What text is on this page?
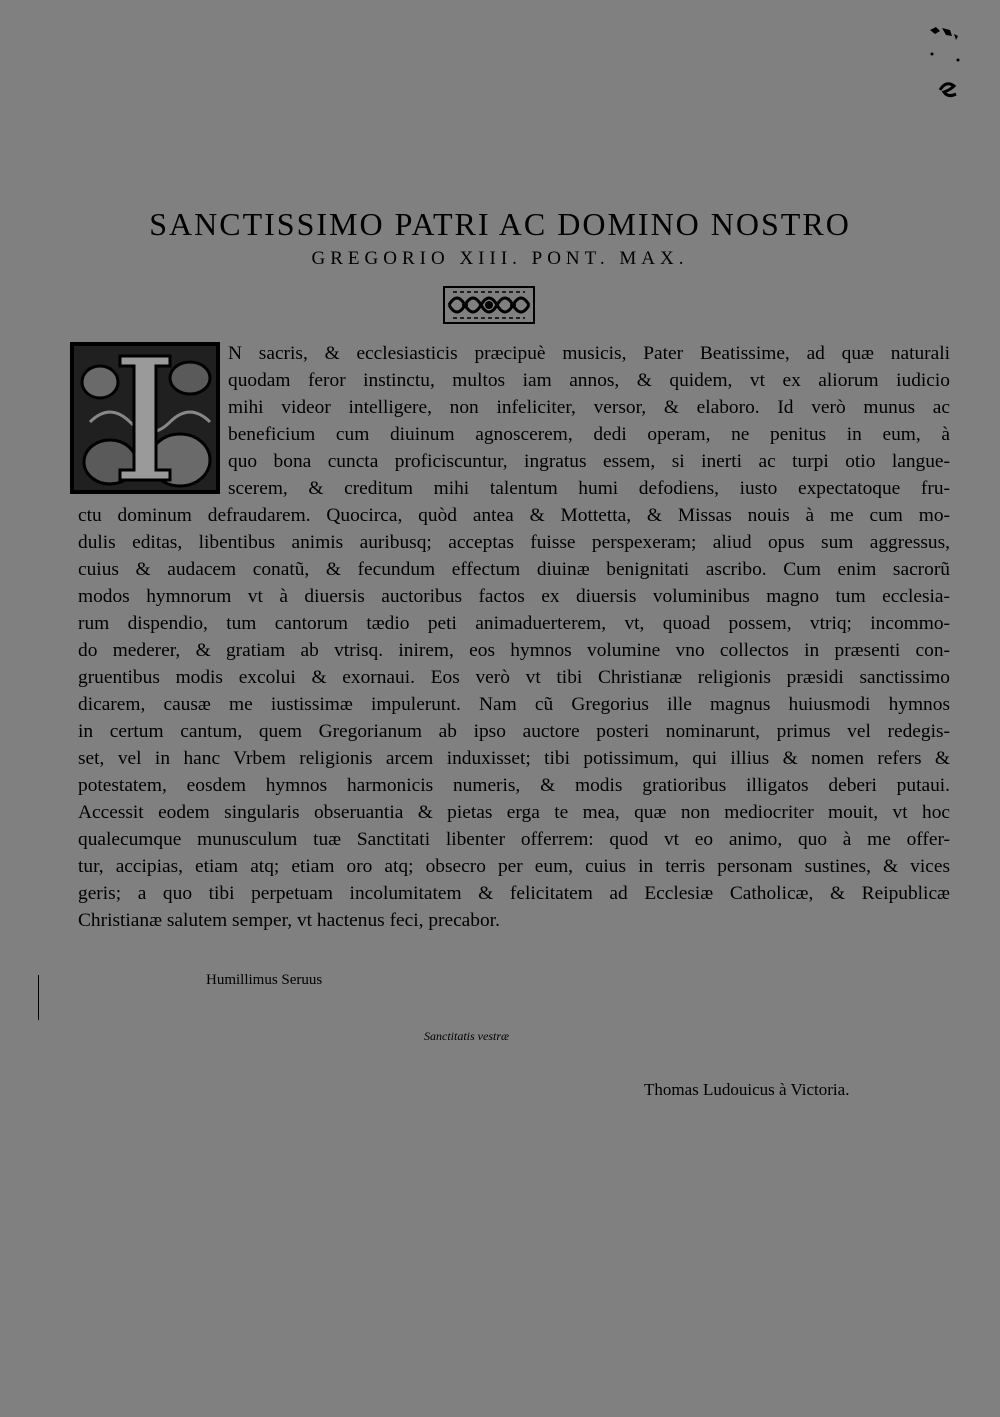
SANCTISSIMO PATRI AC DOMINO NOSTRO
GREGORIO XIII. PONT. MAX.
N sacris, & ecclesiasticis præcipuè musicis, Pater Beatissime, ad quæ naturali
quodam feror instinctu, multos iam annos, & quidem, vt ex aliorum iudicio
mihi videor intelligere, non infeliciter, versor, & elaboro. Id verò munus ac
beneficium cum diuinum agnoscerem, dedi operam, ne penitus in eum, à
quo bona cuncta proficiscuntur, ingratus essem, si inerti ac turpi otio langue-
scerem, & creditum mihi talentum humi defodiens, iusto expectatoque fru-
ctu dominum defraudarem. Quocirca, quòd antea & Mottetta, & Missas nouis à me cum mo-
dulis editas, libentibus animis auribusq; acceptas fuisse perspexeram; aliud opus sum aggressus,
cuius & audacem conatũ, & fecundum effectum diuinæ benignitati ascribo. Cum enim sacrorũ
modos hymnorum vt à diuersis auctoribus factos ex diuersis voluminibus magno tum ecclesia-
rum dispendio, tum cantorum tædio peti animaduerterem, vt, quoad possem, vtriq; incommo-
do mederer, & gratiam ab vtrisq. inirem, eos hymnos volumine vno collectos in præsenti con-
gruentibus modis excolui & exornaui. Eos verò vt tibi Christianæ religionis præsidi sanctissimo
dicarem, causæ me iustissimæ impulerunt. Nam cũ Gregorius ille magnus huiusmodi hymnos
in certum cantum, quem Gregorianum ab ipso auctore posteri nominarunt, primus vel redegis-
set, vel in hanc Vrbem religionis arcem induxisset; tibi potissimum, qui illius & nomen refers &
potestatem, eosdem hymnos harmonicis numeris, & modis gratioribus illigatos deberi putaui.
Accessit eodem singularis obseruantia & pietas erga te mea, quæ non mediocriter mouit, vt hoc
qualecumque munusculum tuæ Sanctitati libenter offerrem: quod vt eo animo, quo à me offer-
tur, accipias, etiam atq; etiam oro atq; obsecro per eum, cuius in terris personam sustines, & vices
geris; a quo tibi perpetuam incolumitatem & felicitatem ad Ecclesiæ Catholicæ, & Reipublicæ
Christianæ salutem semper, vt hactenus feci, precabor.
Humillimus Seruus
Sanctitatis vestræ
Thomas Ludouicus à Victoria.
